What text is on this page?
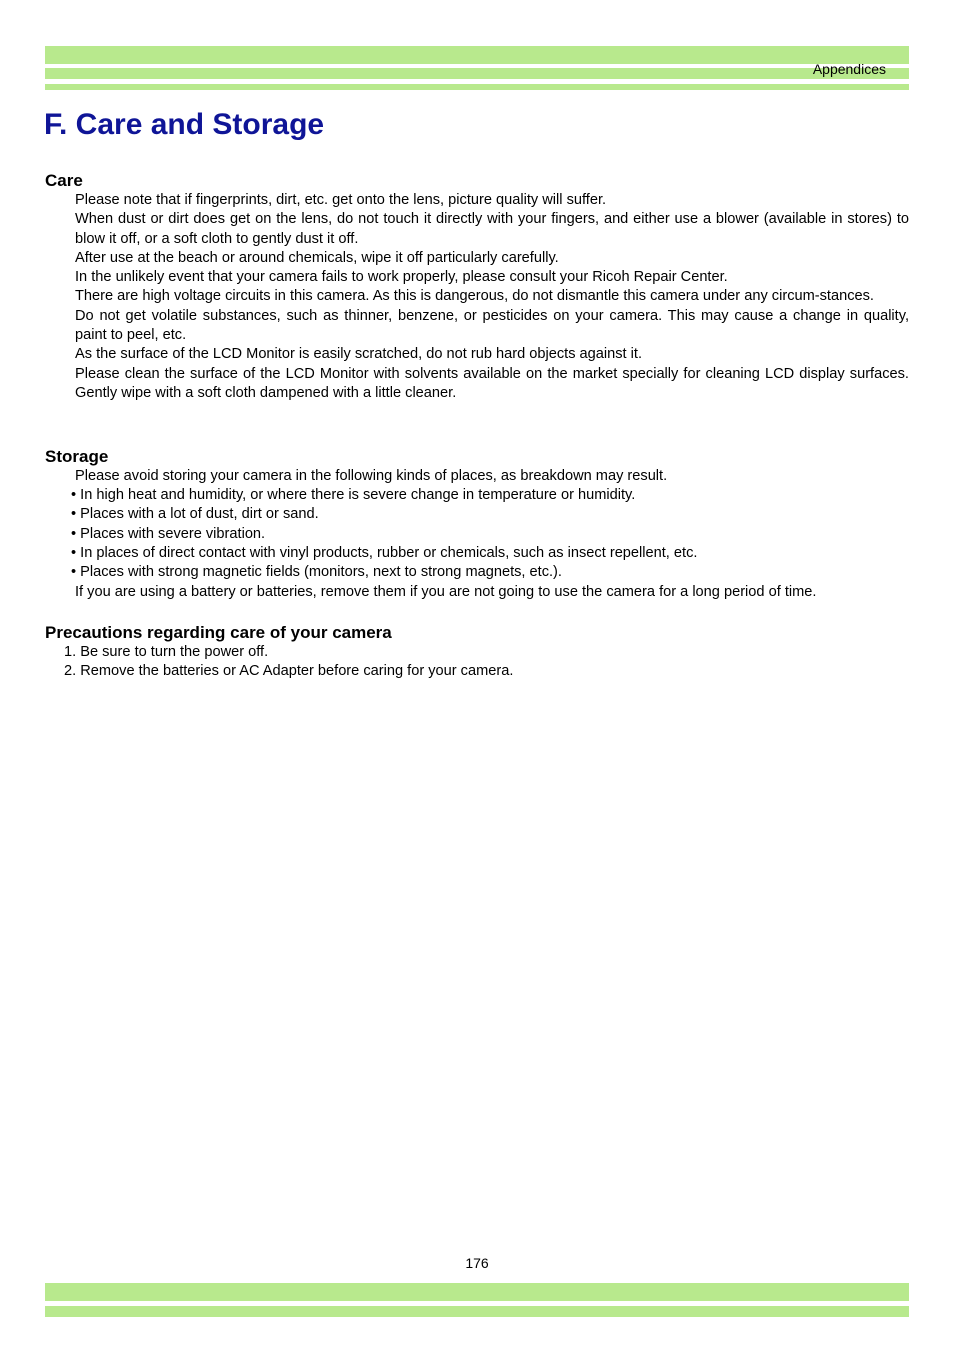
Appendices
F. Care and Storage
Care

Please note that if fingerprints, dirt, etc. get onto the lens, picture quality will suffer.

When dust or dirt does get on the lens, do not touch it directly with your fingers, and either use a blower (available in stores) to blow it off, or a soft cloth to gently dust it off.

After use at the beach or around chemicals, wipe it off particularly carefully.

In the unlikely event that your camera fails to work properly, please consult your Ricoh Repair Center.

There are high voltage circuits in this camera. As this is dangerous, do not dismantle this camera under any circum-stances.

Do not get volatile substances, such as thinner, benzene, or pesticides on your camera. This may cause a change in quality, paint to peel, etc.

As the surface of the LCD Monitor is easily scratched, do not rub hard objects against it.

Please clean the surface of the LCD Monitor with solvents available on the market specially for cleaning LCD display surfaces. Gently wipe with a soft cloth dampened with a little cleaner.

Storage

Please avoid storing your camera in the following kinds of places, as breakdown may result.

• In high heat and humidity, or where there is severe change in temperature or humidity.
• Places with a lot of dust, dirt or sand.
• Places with severe vibration.
• In places of direct contact with vinyl products, rubber or chemicals, such as insect repellent, etc.
• Places with strong magnetic fields (monitors, next to strong magnets, etc.).

If you are using a battery or batteries, remove them if you are not going to use the camera for a long period of time.

Precautions regarding care of your camera
1. Be sure to turn the power off.
2. Remove the batteries or AC Adapter before caring for your camera.
176
